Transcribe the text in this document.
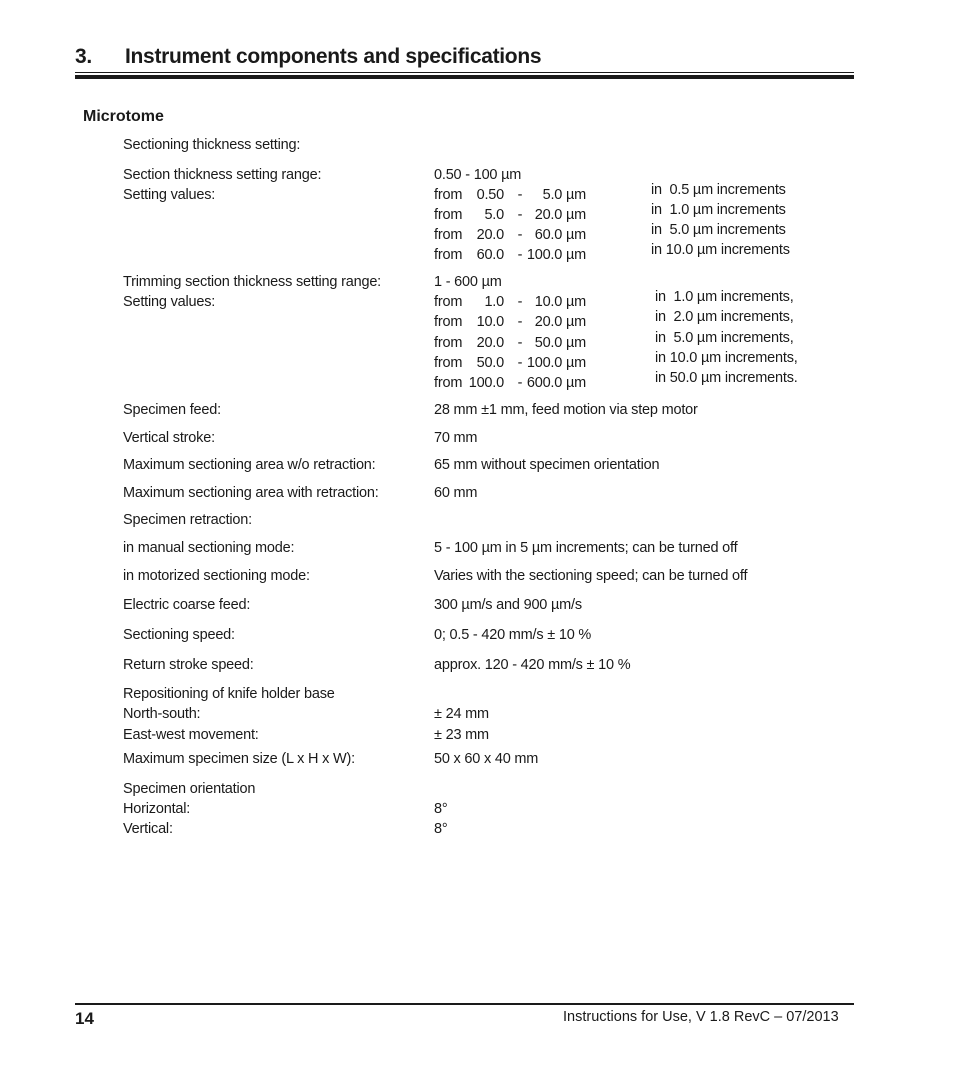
3. Instrument components and specifications
Microtome
Sectioning thickness setting:
Section thickness setting range:	0.50 - 100 µm
Setting values:	from 0.50 -	5.0 µm	in  0.5 µm increments
from	5.0 - 20.0 µm	in  1.0 µm increments
from 20.0 - 60.0 µm	in  5.0 µm increments
from 60.0 - 100.0 µm	in 10.0 µm increments
Trimming section thickness setting range:	1 - 600 µm
Setting values:	from	1.0 - 10.0 µm	in  1.0 µm increments,
from 10.0 - 20.0 µm	in  2.0 µm increments,
from 20.0 - 50.0 µm	in  5.0 µm increments,
from 50.0 - 100.0 µm	in 10.0 µm increments,
from 100.0 - 600.0 µm	in 50.0 µm increments.
Specimen feed:	28 mm ±1 mm, feed motion via step motor
Vertical stroke:	70 mm
Maximum sectioning area w/o retraction:	65 mm without specimen orientation
Maximum sectioning area with retraction:	60 mm
Specimen retraction:
in manual sectioning mode:	5 - 100 µm in 5 µm increments; can be turned off
in motorized sectioning mode:	Varies with the sectioning speed; can be turned off
Electric coarse feed:	300 µm/s and 900 µm/s
Sectioning speed:	0; 0.5 - 420 mm/s ± 10 %
Return stroke speed:	approx. 120 - 420 mm/s ± 10 %
Repositioning of knife holder base
North-south:	± 24 mm
East-west movement:	± 23 mm
Maximum specimen size (L x H x W):	50 x 60 x 40 mm
Specimen orientation
Horizontal:	8°
Vertical:	8°
14	Instructions for Use, V 1.8 RevC – 07/2013
